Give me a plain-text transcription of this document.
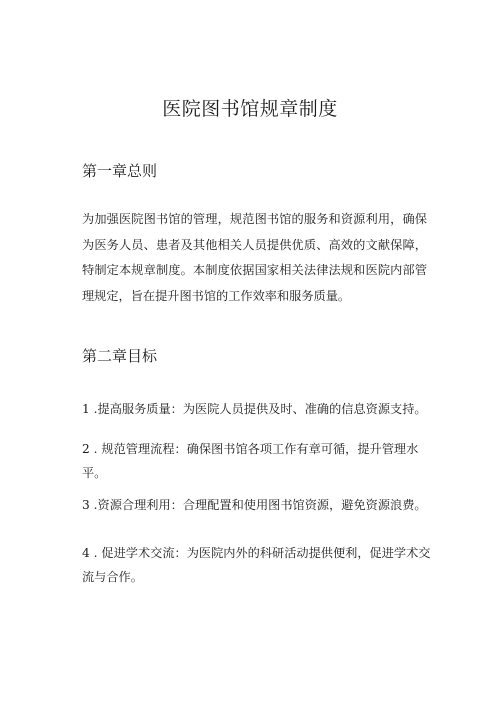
医院图书馆规章制度
第一章总则
为加强医院图书馆的管理，规范图书馆的服务和资源利用，确保为医务人员、患者及其他相关人员提供优质、高效的文献保障，特制定本规章制度。本制度依据国家相关法律法规和医院内部管理规定，旨在提升图书馆的工作效率和服务质量。
第二章目标
1 .提高服务质量：为医院人员提供及时、准确的信息资源支持。
2 . 规范管理流程：确保图书馆各项工作有章可循，提升管理水平。
3 .资源合理利用：合理配置和使用图书馆资源，避免资源浪费。
4 . 促进学术交流：为医院内外的科研活动提供便利，促进学术交流与合作。
